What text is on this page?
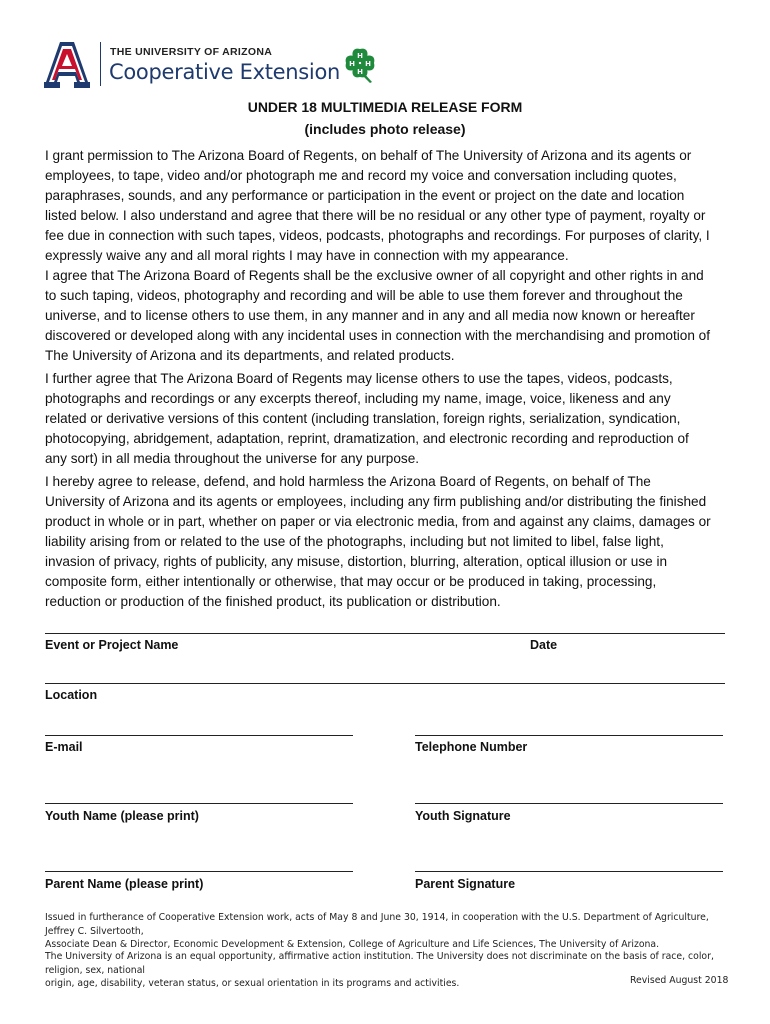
THE UNIVERSITY OF ARIZONA
Cooperative Extension
H
H
H H
UNDER 18 MULTIMEDIA RELEASE FORM
(includes photo release)
I grant permission to The Arizona Board of Regents, on behalf of The University of Arizona and its agents or
employees, to tape, video and/or photograph me and record my voice and conversation including quotes,
paraphrases, sounds, and any performance or participation in the event or project on the date and location
listed below. I also understand and agree that there will be no residual or any other type of payment, royalty or
fee due in connection with such tapes, videos, podcasts, photographs and recordings. For purposes of clarity, I
expressly waive any and all moral rights I may have in connection with my appearance.
I agree that The Arizona Board of Regents shall be the exclusive owner of all copyright and other rights in and
to such taping, videos, photography and recording and will be able to use them forever and throughout the
universe, and to license others to use them, in any manner and in any and all media now known or hereafter
discovered or developed along with any incidental uses in connection with the merchandising and promotion of
The University of Arizona and its departments, and related products.
I further agree that The Arizona Board of Regents may license others to use the tapes, videos, podcasts,
photographs and recordings or any excerpts thereof, including my name, image, voice, likeness and any
related or derivative versions of this content (including translation, foreign rights, serialization, syndication,
photocopying, abridgement, adaptation, reprint, dramatization, and electronic recording and reproduction of
any sort) in all media throughout the universe for any purpose.
I hereby agree to release, defend, and hold harmless the Arizona Board of Regents, on behalf of The
University of Arizona and its agents or employees, including any firm publishing and/or distributing the finished
product in whole or in part, whether on paper or via electronic media, from and against any claims, damages or
liability arising from or related to the use of the photographs, including but not limited to libel, false light,
invasion of privacy, rights of publicity, any misuse, distortion, blurring, alteration, optical illusion or use in
composite form, either intentionally or otherwise, that may occur or be produced in taking, processing,
reduction or production of the finished product, its publication or distribution.
Event or Project Name	Date
Location
E-mail	Telephone Number
Youth Name (please print)	Youth Signature
Parent Name (please print)	Parent Signature
Issued in furtherance of Cooperative Extension work, acts of May 8 and June 30, 1914, in cooperation with the U.S. Department of Agriculture, Jeffrey C. Silvertooth,
Associate Dean & Director, Economic Development & Extension, College of Agriculture and Life Sciences, The University of Arizona.
The University of Arizona is an equal opportunity, affirmative action institution. The University does not discriminate on the basis of race, color, religion, sex, national
origin, age, disability, veteran status, or sexual orientation in its programs and activities.	Revised August 2018
